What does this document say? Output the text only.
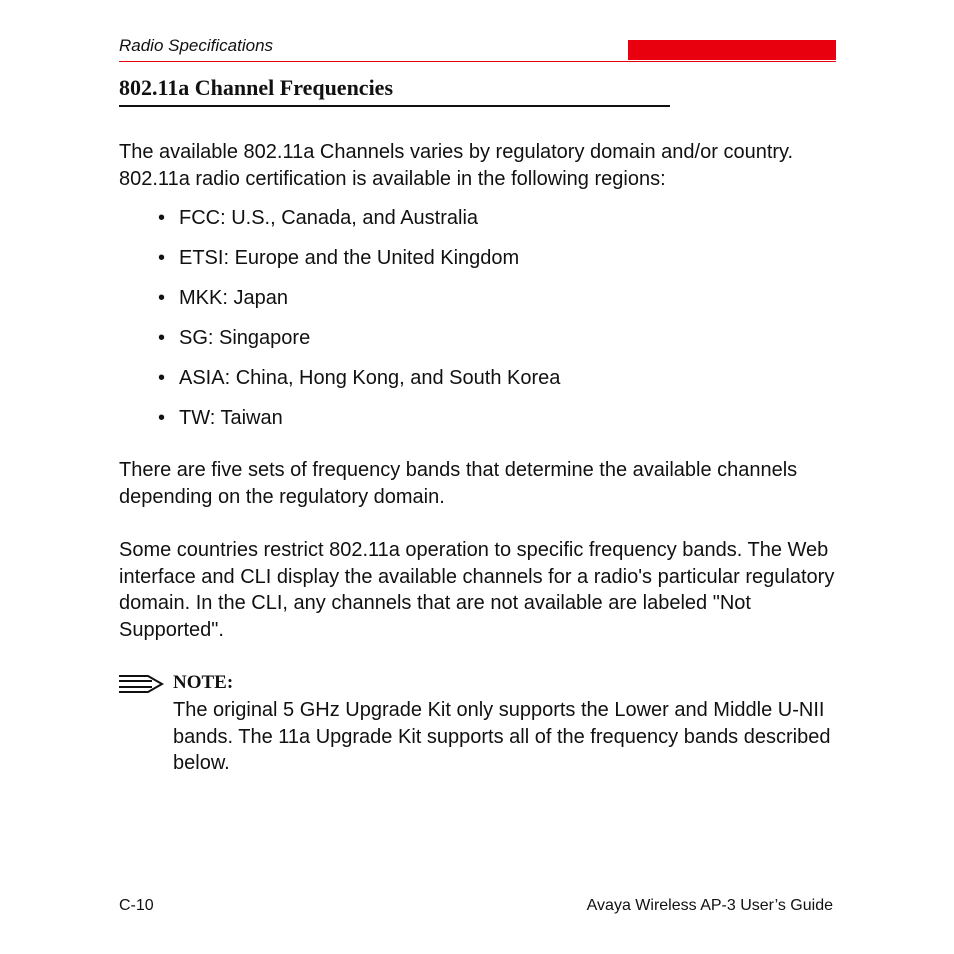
Radio Specifications
802.11a Channel Frequencies

The available 802.11a Channels varies by regulatory domain and/or country. 802.11a radio certification is available in the following regions:

• FCC: U.S., Canada, and Australia
• ETSI: Europe and the United Kingdom
• MKK: Japan
• SG: Singapore
• ASIA: China, Hong Kong, and South Korea
• TW: Taiwan

There are five sets of frequency bands that determine the available channels depending on the regulatory domain.

Some countries restrict 802.11a operation to specific frequency bands. The Web interface and CLI display the available channels for a radio's particular regulatory domain. In the CLI, any channels that are not available are labeled "Not Supported".

NOTE:

The original 5 GHz Upgrade Kit only supports the Lower and Middle U-NII bands. The 11a Upgrade Kit supports all of the frequency bands described below.

C-10	Avaya Wireless AP-3 User’s Guide
